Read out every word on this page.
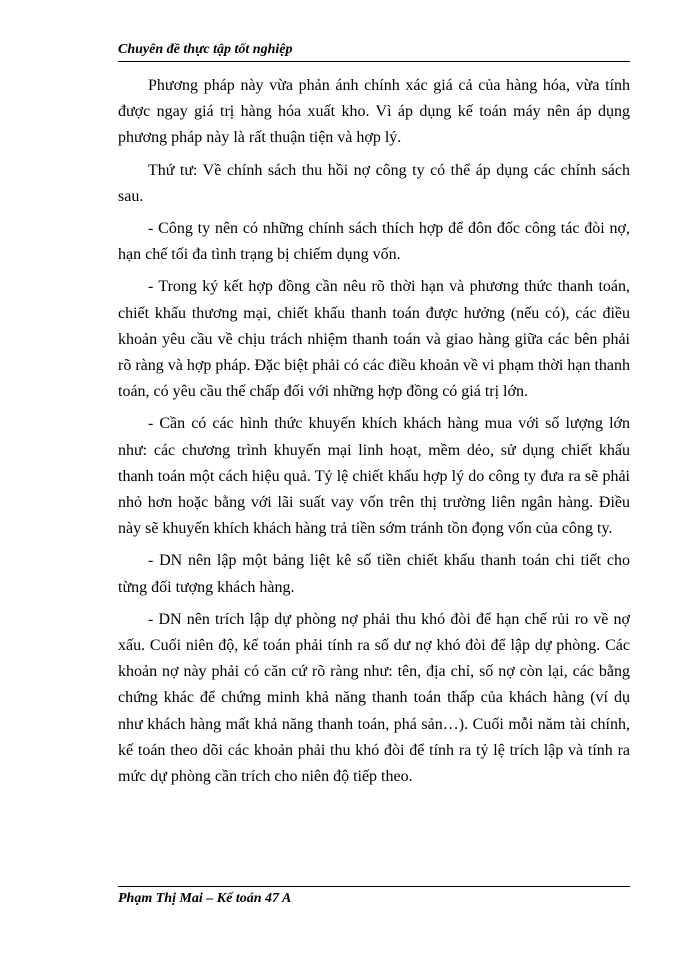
Chuyên đề thực tập tốt nghiệp

Phương pháp này vừa phản ánh chính xác giá cả của hàng hóa, vừa tính được ngay giá trị hàng hóa xuất kho. Vì áp dụng kế toán máy nên áp dụng phương pháp này là rất thuận tiện và hợp lý.

Thứ tư: Về chính sách thu hồi nợ công ty có thể áp dụng các chính sách sau.

- Công ty nên có những chính sách thích hợp để đôn đốc công tác đòi nợ, hạn chế tối đa tình trạng bị chiếm dụng vốn.

- Trong ký kết hợp đồng cần nêu rõ thời hạn và phương thức thanh toán, chiết khấu thương mại, chiết khấu thanh toán được hưởng (nếu có), các điều khoản yêu cầu về chịu trách nhiệm thanh toán và giao hàng giữa các bên phải rõ ràng và hợp pháp. Đặc biệt phải có các điều khoản về vi phạm thời hạn thanh toán, có yêu cầu thế chấp đối với những hợp đồng có giá trị lớn.

- Cần có các hình thức khuyến khích khách hàng mua với số lượng lớn như: các chương trình khuyến mại linh hoạt, mềm dẻo, sử dụng chiết khấu thanh toán một cách hiệu quả. Tỷ lệ chiết khấu hợp lý do công ty đưa ra sẽ phải nhỏ hơn hoặc bằng với lãi suất vay vốn trên thị trường liên ngân hàng. Điều này sẽ khuyến khích khách hàng trả tiền sớm tránh tồn đọng vốn của công ty.

- DN nên lập một bảng liệt kê số tiền chiết khấu thanh toán chi tiết cho từng đối tượng khách hàng.

- DN nên trích lập dự phòng nợ phải thu khó đòi để hạn chế rủi ro về nợ xấu. Cuối niên độ, kế toán phải tính ra số dư nợ khó đòi để lập dự phòng. Các khoản nợ này phải có căn cứ rõ ràng như: tên, địa chỉ, số nợ còn lại, các bằng chứng khác để chứng minh khả năng thanh toán thấp của khách hàng (ví dụ như khách hàng mất khả năng thanh toán, phá sản…). Cuối mỗi năm tài chính, kế toán theo dõi các khoản phải thu khó đòi để tính ra tỷ lệ trích lập và tính ra mức dự phòng cần trích cho niên độ tiếp theo.

Phạm Thị Mai – Kế toán 47 A
